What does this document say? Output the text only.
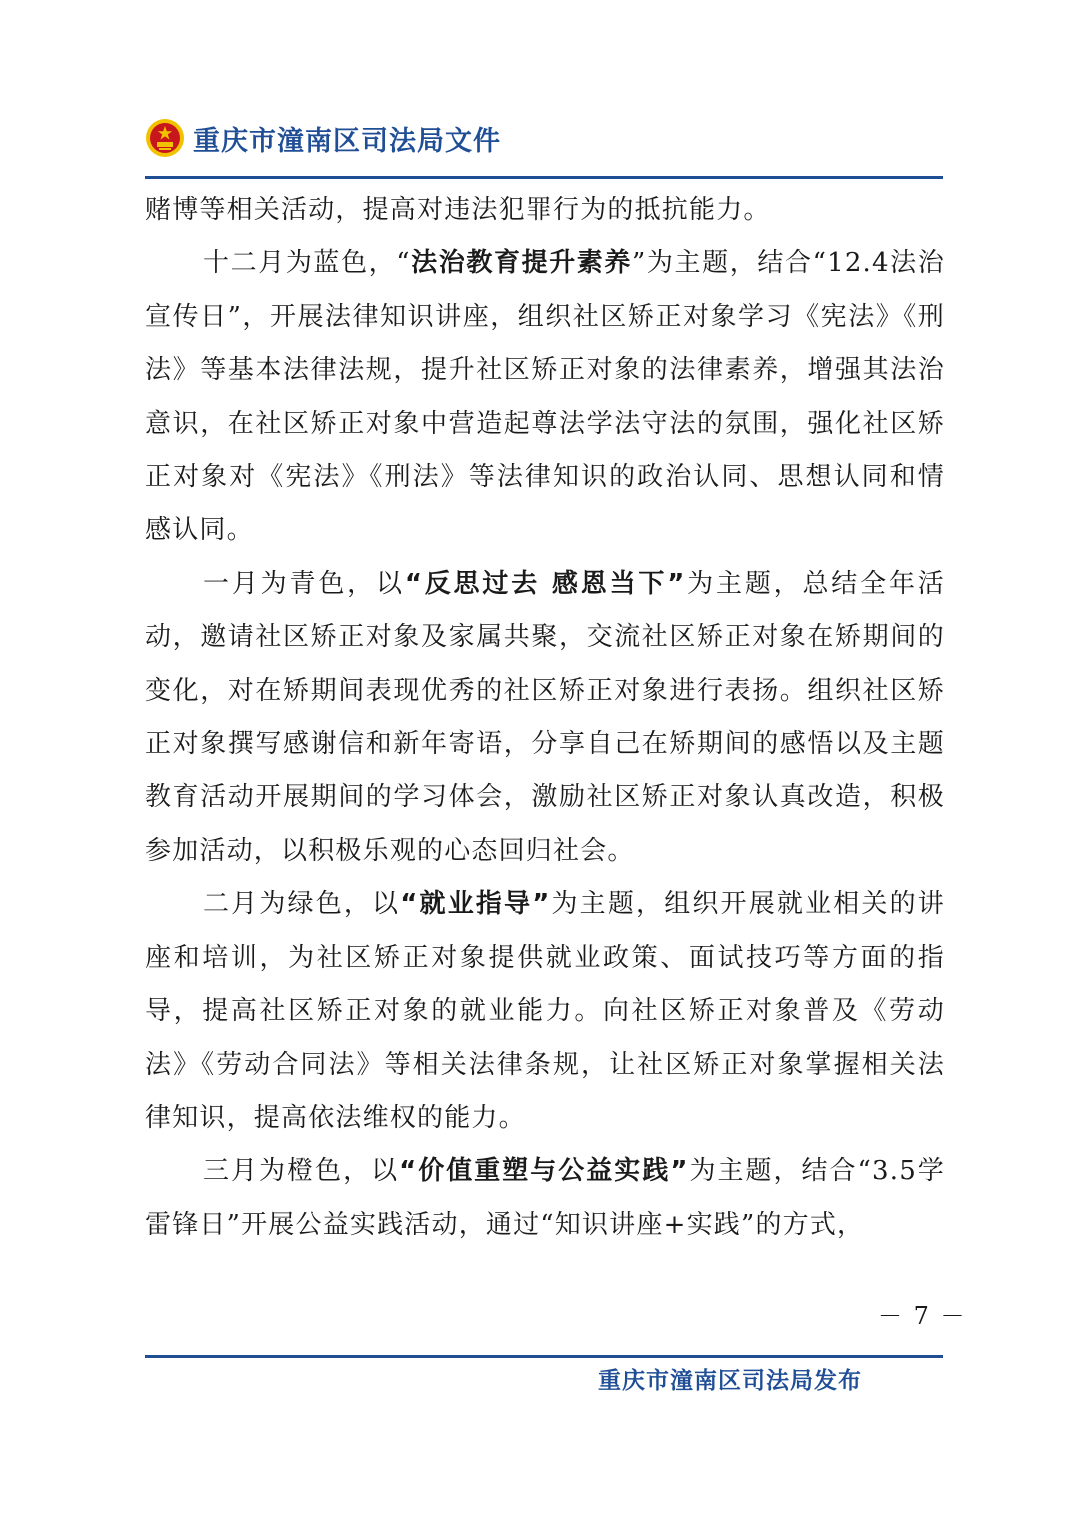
重庆市潼南区司法局文件

赌博等相关活动，提高对违法犯罪行为的抵抗能力。

十二月为蓝色，“法治教育提升素养”为主题，结合“12.4法治宣传日”，开展法律知识讲座，组织社区矫正对象学习《宪法》《刑法》等基本法律法规，提升社区矫正对象的法律素养，增强其法治意识，在社区矫正对象中营造起尊法学法守法的氛围，强化社区矫正对象对《宪法》《刑法》等法律知识的政治认同、思想认同和情感认同。

一月为青色，以“反思过去 感恩当下”为主题，总结全年活动，邀请社区矫正对象及家属共聚，交流社区矫正对象在矫期间的变化，对在矫期间表现优秀的社区矫正对象进行表扬。组织社区矫正对象撰写感谢信和新年寄语，分享自己在矫期间的感悟以及主题教育活动开展期间的学习体会，激励社区矫正对象认真改造，积极参加活动，以积极乐观的心态回归社会。

二月为绿色，以“就业指导”为主题，组织开展就业相关的讲座和培训，为社区矫正对象提供就业政策、面试技巧等方面的指导，提高社区矫正对象的就业能力。向社区矫正对象普及《劳动法》《劳动合同法》等相关法律条规，让社区矫正对象掌握相关法律知识，提高依法维权的能力。

三月为橙色，以“价值重塑与公益实践”为主题，结合“3.5学雷锋日”开展公益实践活动，通过“知识讲座+实践”的方式，

－ 7 －
重庆市潼南区司法局发布
